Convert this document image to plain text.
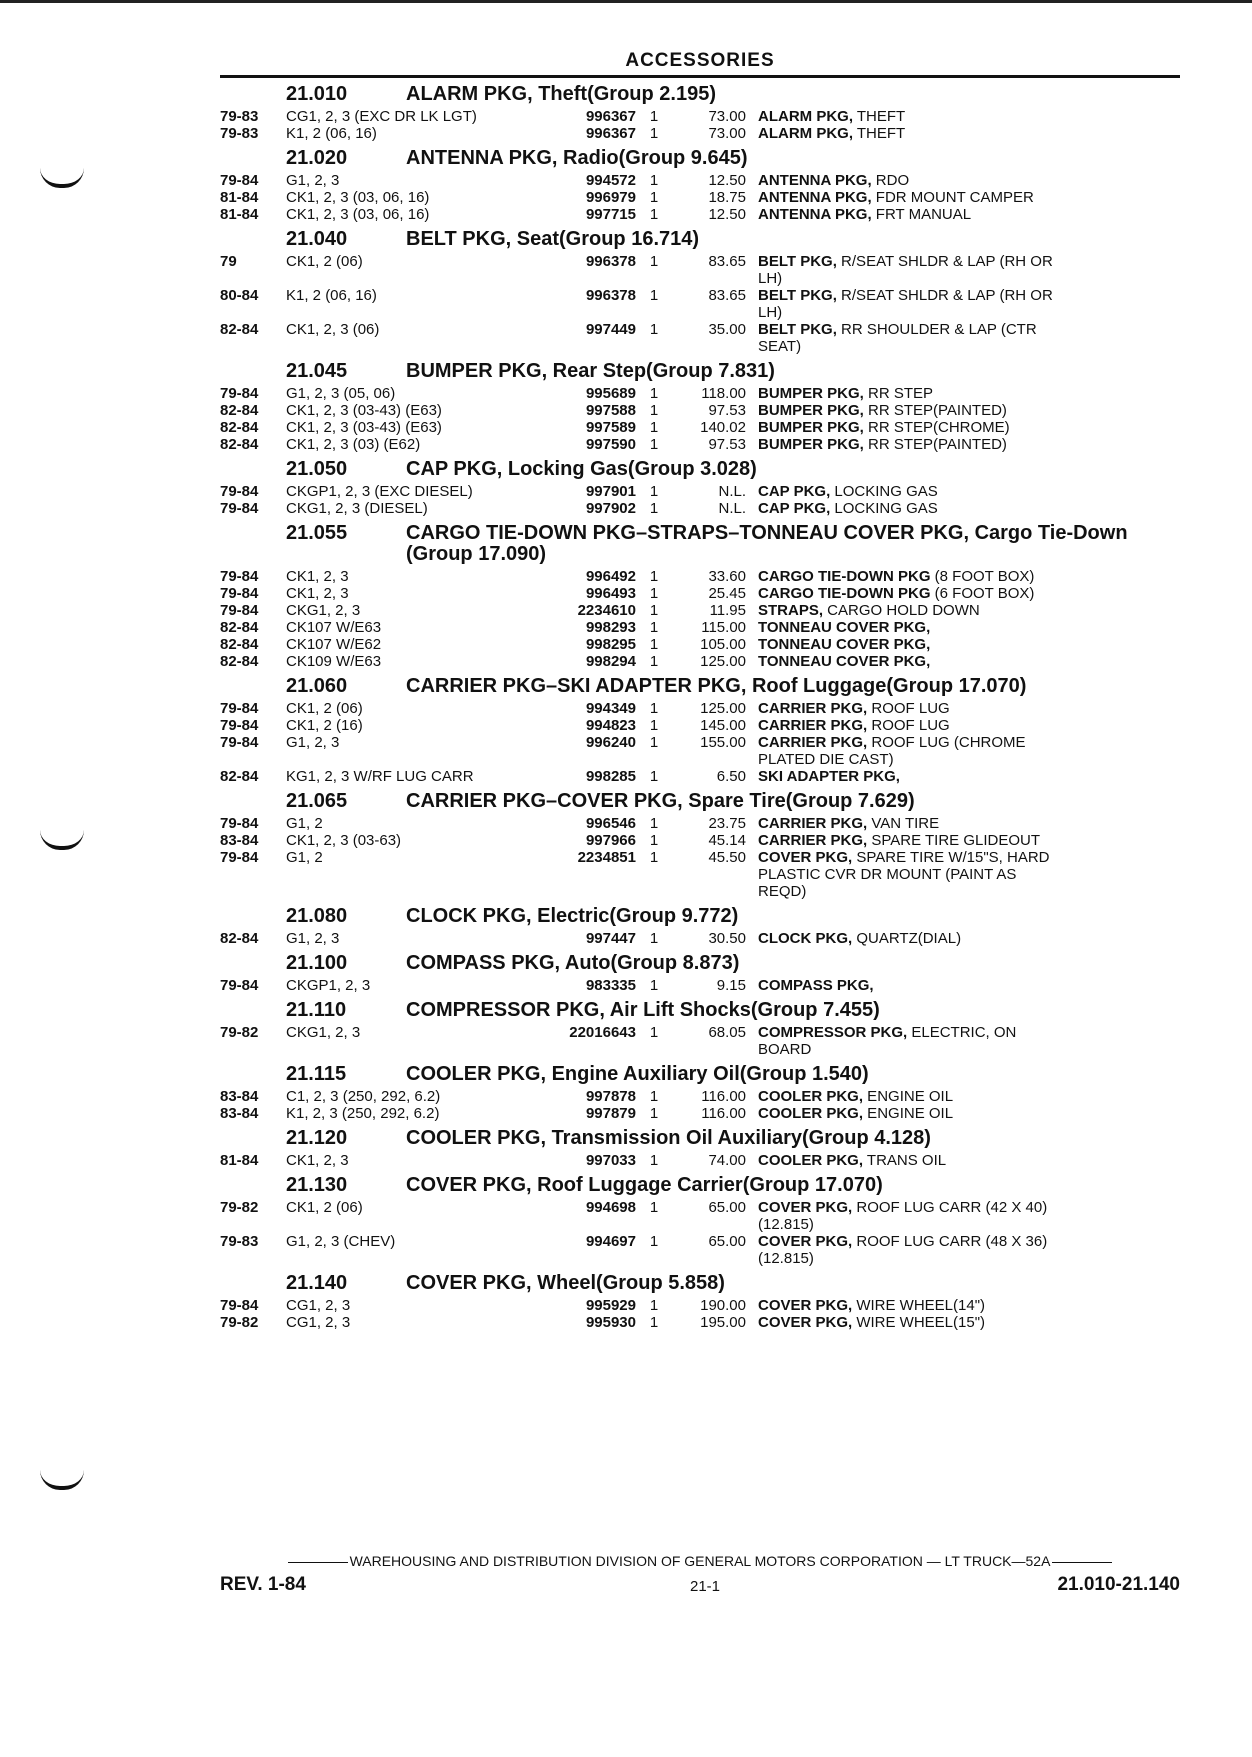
ACCESSORIES
21.010	ALARM PKG, Theft(Group 2.195)
79-83	CG1, 2, 3 (EXC DR LK LGT)	996367 1	73.00 ALARM PKG, THEFT
79-83	K1, 2 (06, 16)	996367 1	73.00 ALARM PKG, THEFT
21.020	ANTENNA PKG, Radio(Group 9.645)
79-84	G1, 2, 3	994572 1	12.50 ANTENNA PKG, RDO
81-84	CK1, 2, 3 (03, 06, 16)	996979 1	18.75 ANTENNA PKG, FDR MOUNT CAMPER
81-84	CK1, 2, 3 (03, 06, 16)	997715 1	12.50 ANTENNA PKG, FRT MANUAL
21.040	BELT PKG, Seat(Group 16.714)
79	CK1, 2 (06)	996378 1	83.65 BELT PKG, R/SEAT SHLDR & LAP (RH OR
LH)
80-84	K1, 2 (06, 16)	996378 1	83.65 BELT PKG, R/SEAT SHLDR & LAP (RH OR
LH)
82-84	CK1, 2, 3 (06)	997449 1	35.00 BELT PKG, RR SHOULDER & LAP (CTR
SEAT)
21.045	BUMPER PKG, Rear Step(Group 7.831)
79-84	G1, 2, 3 (05, 06)	995689 1	118.00 BUMPER PKG, RR STEP
82-84	CK1, 2, 3 (03-43) (E63)	997588 1	97.53 BUMPER PKG, RR STEP(PAINTED)
82-84	CK1, 2, 3 (03-43) (E63)	997589 1	140.02 BUMPER PKG, RR STEP(CHROME)
82-84	CK1, 2, 3 (03) (E62)	997590 1	97.53 BUMPER PKG, RR STEP(PAINTED)
21.050	CAP PKG, Locking Gas(Group 3.028)
79-84	CKGP1, 2, 3 (EXC DIESEL)	997901 1	N.L. CAP PKG, LOCKING GAS
79-84	CKG1, 2, 3 (DIESEL)	997902 1	N.L. CAP PKG, LOCKING GAS
21.055	CARGO TIE-DOWN PKG–STRAPS–TONNEAU COVER PKG, Cargo Tie-Down (Group 17.090)
79-84	CK1, 2, 3	996492 1	33.60 CARGO TIE-DOWN PKG (8 FOOT BOX)
79-84	CK1, 2, 3	996493 1	25.45 CARGO TIE-DOWN PKG (6 FOOT BOX)
79-84	CKG1, 2, 3	2234610 1	11.95 STRAPS, CARGO HOLD DOWN
82-84	CK107 W/E63	998293 1	115.00 TONNEAU COVER PKG,
82-84	CK107 W/E62	998295 1	105.00 TONNEAU COVER PKG,
82-84	CK109 W/E63	998294 1	125.00 TONNEAU COVER PKG,
21.060	CARRIER PKG–SKI ADAPTER PKG, Roof Luggage(Group 17.070)
79-84	CK1, 2 (06)	994349 1	125.00 CARRIER PKG, ROOF LUG
79-84	CK1, 2 (16)	994823 1	145.00 CARRIER PKG, ROOF LUG
79-84	G1, 2, 3	996240 1	155.00 CARRIER PKG, ROOF LUG (CHROME
PLATED DIE CAST)
82-84	KG1, 2, 3 W/RF LUG CARR	998285 1	6.50 SKI ADAPTER PKG,
21.065	CARRIER PKG–COVER PKG, Spare Tire(Group 7.629)
79-84	G1, 2	996546 1	23.75 CARRIER PKG, VAN TIRE
83-84	CK1, 2, 3 (03-63)	997966 1	45.14 CARRIER PKG, SPARE TIRE GLIDEOUT
79-84	G1, 2	2234851 1	45.50 COVER PKG, SPARE TIRE W/15"S, HARD
PLASTIC CVR DR MOUNT (PAINT AS
REQD)
21.080	CLOCK PKG, Electric(Group 9.772)
82-84	G1, 2, 3	997447 1	30.50 CLOCK PKG, QUARTZ(DIAL)
21.100	COMPASS PKG, Auto(Group 8.873)
79-84	CKGP1, 2, 3	983335 1	9.15 COMPASS PKG,
21.110	COMPRESSOR PKG, Air Lift Shocks(Group 7.455)
79-82	CKG1, 2, 3	22016643 1	68.05 COMPRESSOR PKG, ELECTRIC, ON
BOARD
21.115	COOLER PKG, Engine Auxiliary Oil(Group 1.540)
83-84	C1, 2, 3 (250, 292, 6.2)	997878 1	116.00 COOLER PKG, ENGINE OIL
83-84	K1, 2, 3 (250, 292, 6.2)	997879 1	116.00 COOLER PKG, ENGINE OIL
21.120	COOLER PKG, Transmission Oil Auxiliary(Group 4.128)
81-84	CK1, 2, 3	997033 1	74.00 COOLER PKG, TRANS OIL
21.130	COVER PKG, Roof Luggage Carrier(Group 17.070)
79-82	CK1, 2 (06)	994698 1	65.00 COVER PKG, ROOF LUG CARR (42 X 40)
(12.815)
79-83	G1, 2, 3 (CHEV)	994697 1	65.00 COVER PKG, ROOF LUG CARR (48 X 36)
(12.815)
21.140	COVER PKG, Wheel(Group 5.858)
79-84	CG1, 2, 3	995929 1	190.00 COVER PKG, WIRE WHEEL(14")
79-82	CG1, 2, 3	995930 1	195.00 COVER PKG, WIRE WHEEL(15")
WAREHOUSING AND DISTRIBUTION DIVISION OF GENERAL MOTORS CORPORATION — LT TRUCK—52A
REV. 1-84	21-1	21.010-21.140
